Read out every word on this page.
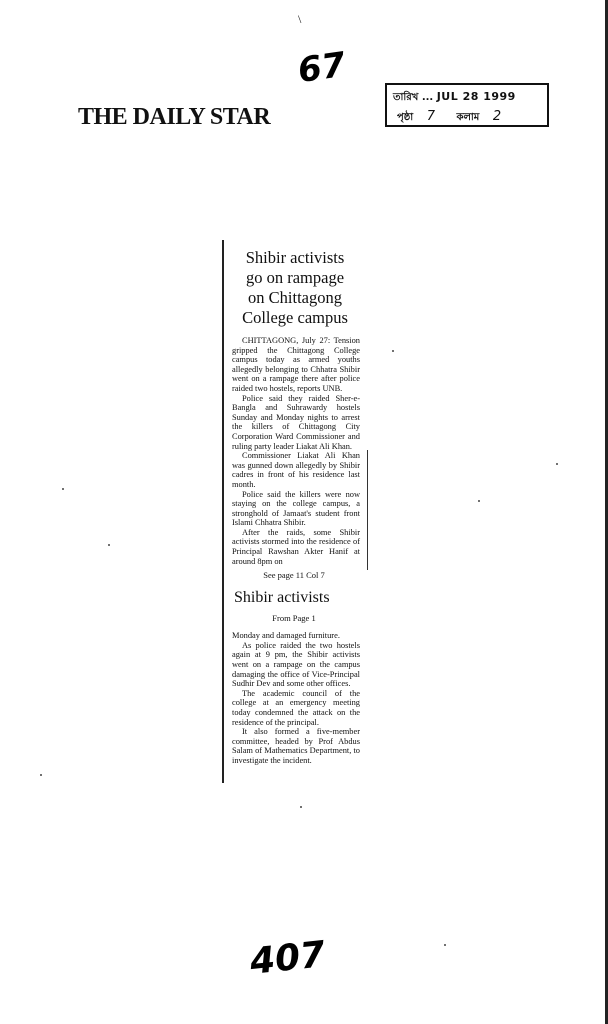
\
67
THE DAILY STAR
তারিখ ... JUL 28 1999
পৃষ্ঠা 7 কলাম 2
Shibir activists go on rampage on Chittagong College campus

CHITTAGONG, July 27: Tension gripped the Chittagong College campus today as armed youths allegedly belonging to Chhatra Shibir went on a rampage there after police raided two hostels, reports UNB.

Police said they raided Sher-e-Bangla and Suhrawardy hostels Sunday and Monday nights to arrest the killers of Chittagong City Corporation Ward Commissioner and ruling party leader Liakat Ali Khan.

Commissioner Liakat Ali Khan was gunned down allegedly by Shibir cadres in front of his residence last month.

Police said the killers were now staying on the college campus, a stronghold of Jamaat's student front Islami Chhatra Shibir.

After the raids, some Shibir activists stormed into the residence of Principal Rawshan Akter Hanif at around 8pm on

See page 11 Col 7
Shibir activists
From Page 1

Monday and damaged furniture.

As police raided the two hostels again at 9 pm, the Shibir activists went on a rampage on the campus damaging the office of Vice-Principal Sudhir Dev and some other offices.

The academic council of the college at an emergency meeting today condemned the attack on the residence of the principal.

It also formed a five-member committee, headed by Prof Abdus Salam of Mathematics Department, to investigate the incident.

407
